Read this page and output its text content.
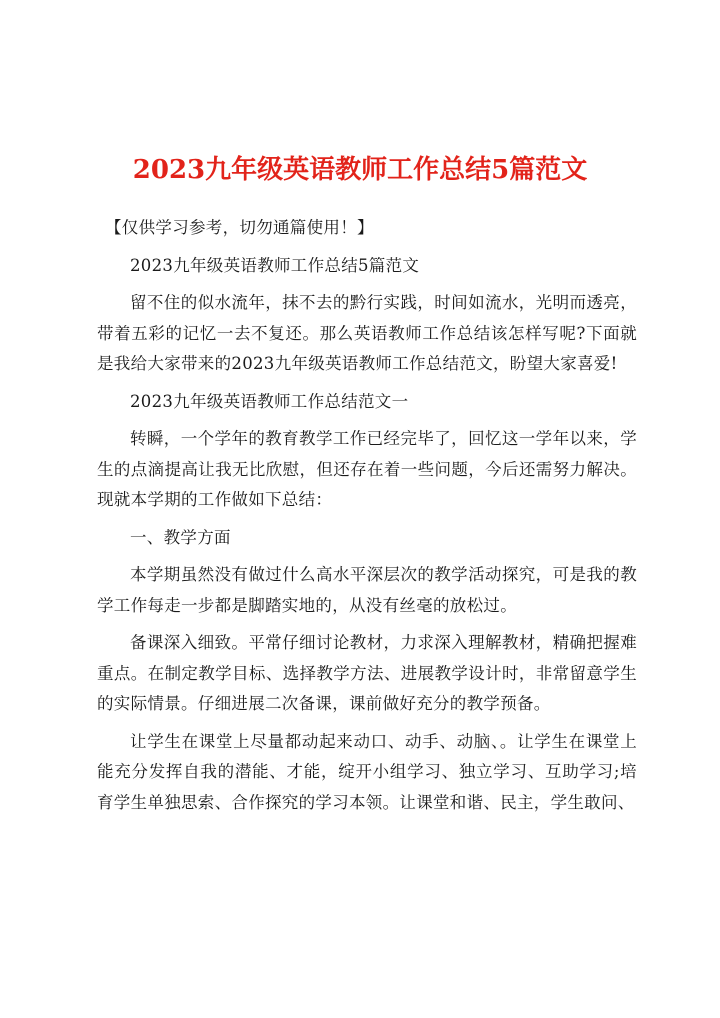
2023九年级英语教师工作总结5篇范文

【仅供学习参考，切勿通篇使用！】

2023九年级英语教师工作总结5篇范文

留不住的似水流年，抹不去的黔行实践，时间如流水，光明而透亮，带着五彩的记忆一去不复还。那么英语教师工作总结该怎样写呢?下面就是我给大家带来的2023九年级英语教师工作总结范文，盼望大家喜爱!

2023九年级英语教师工作总结范文一

转瞬，一个学年的教育教学工作已经完毕了，回忆这一学年以来，学生的点滴提高让我无比欣慰，但还存在着一些问题，今后还需努力解决。现就本学期的工作做如下总结：

一、教学方面

本学期虽然没有做过什么高水平深层次的教学活动探究，可是我的教学工作每走一步都是脚踏实地的，从没有丝毫的放松过。

备课深入细致。平常仔细讨论教材，力求深入理解教材，精确把握难重点。在制定教学目标、选择教学方法、进展教学设计时，非常留意学生的实际情景。仔细进展二次备课，课前做好充分的教学预备。

让学生在课堂上尽量都动起来动口、动手、动脑、。让学生在课堂上能充分发挥自我的潜能、才能，绽开小组学习、独立学习、互助学习;培育学生单独思索、合作探究的学习本领。让课堂和谐、民主，学生敢问、
